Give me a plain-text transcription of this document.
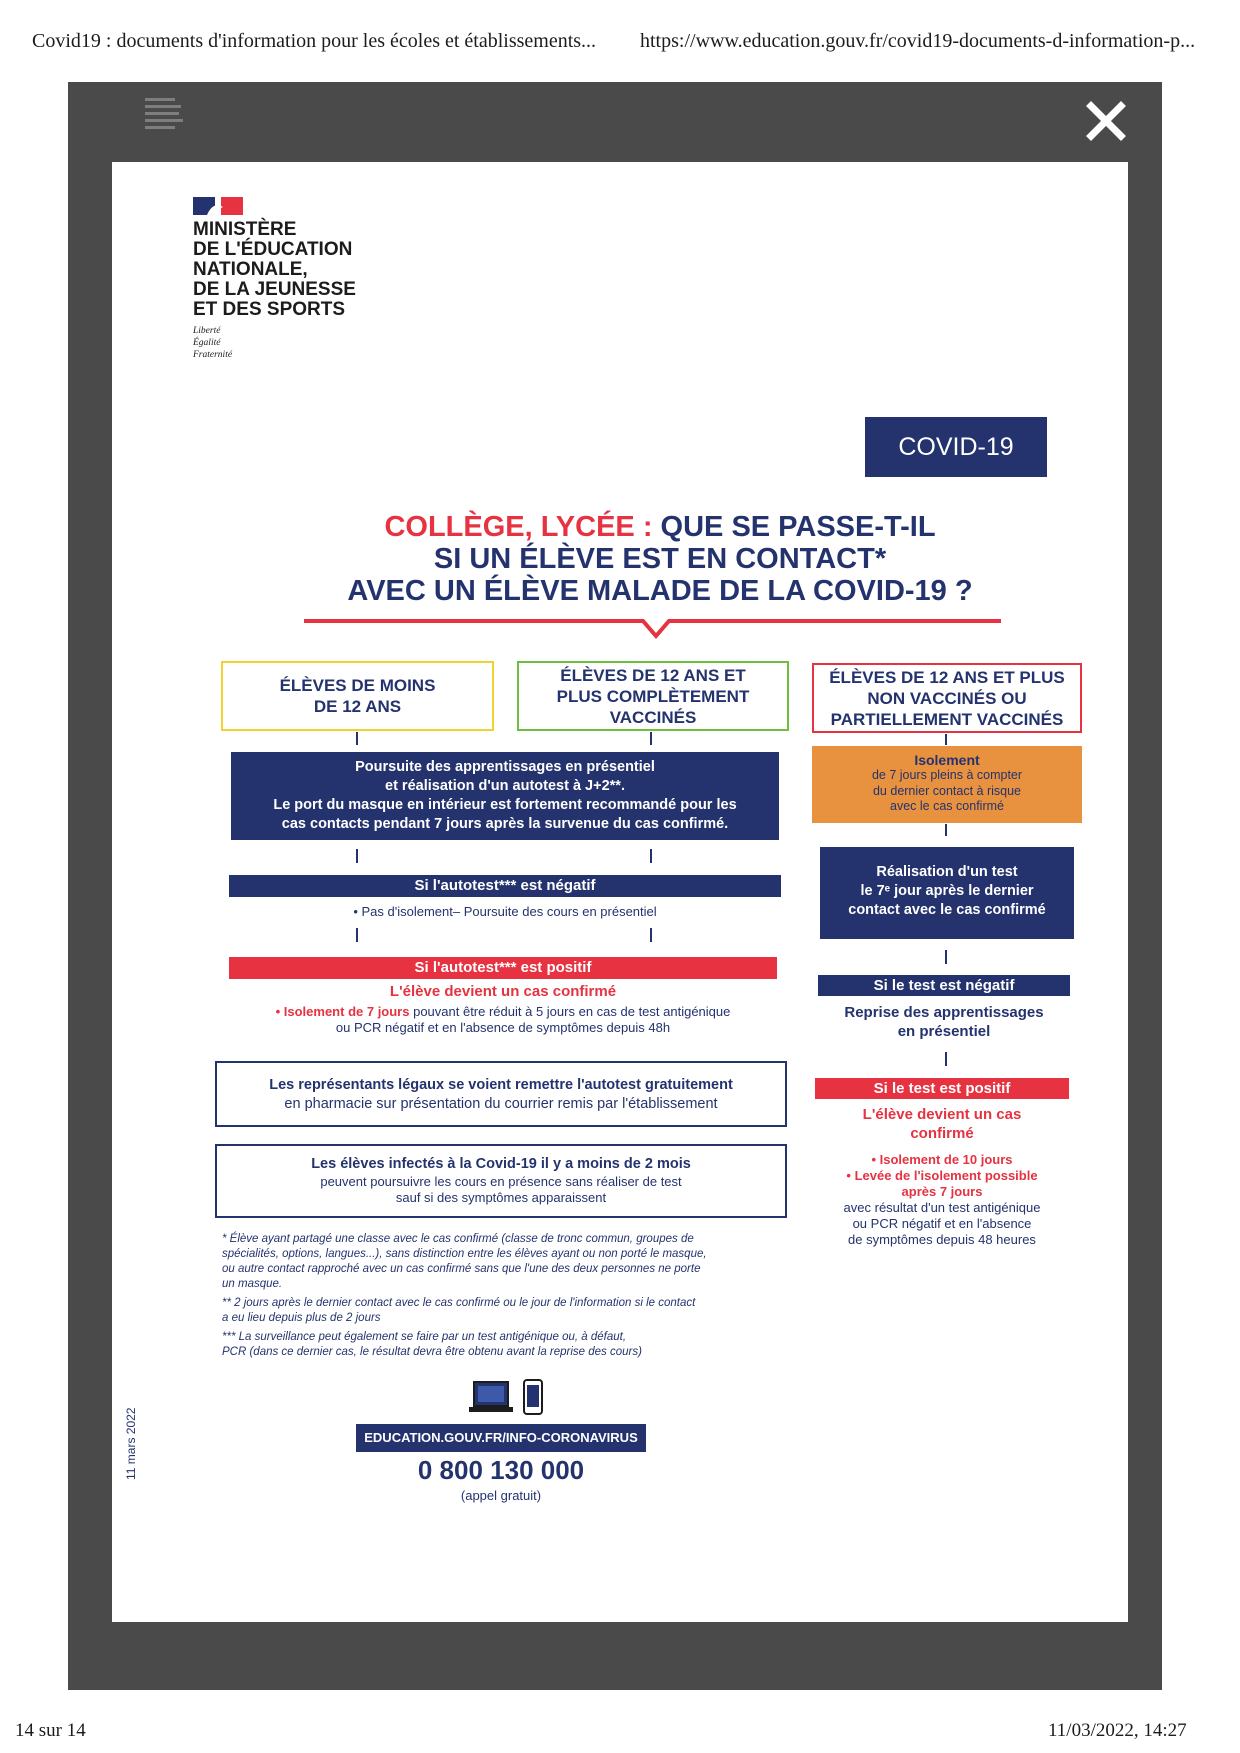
Covid19 : documents d'information pour les écoles et établissements... https://www.education.gouv.fr/covid19-documents-d-information-p...
MINISTÈRE
DE L'ÉDUCATION
NATIONALE,
DE LA JEUNESSE
ET DES SPORTS
Liberté
Égalité
Fraternité
COVID-19
COLLÈGE, LYCÉE : QUE SE PASSE-T-IL
SI UN ÉLÈVE EST EN CONTACT*
AVEC UN ÉLÈVE MALADE DE LA COVID-19 ?
ÉLÈVES DE MOINS DE 12 ANS
ÉLÈVES DE 12 ANS ET PLUS COMPLÈTEMENT VACCINÉS
ÉLÈVES DE 12 ANS ET PLUS NON VACCINÉS OU PARTIELLEMENT VACCINÉS
Poursuite des apprentissages en présentiel
et réalisation d'un autotest à J+2**.
Le port du masque en intérieur est fortement recommandé pour les
cas contacts pendant 7 jours après la survenue du cas confirmé.
Si l'autotest*** est négatif
• Pas d'isolement– Poursuite des cours en présentiel
Si l'autotest*** est positif
L'élève devient un cas confirmé
• Isolement de 7 jours pouvant être réduit à 5 jours en cas de test antigénique
ou PCR négatif et en l'absence de symptômes depuis 48h
Les représentants légaux se voient remettre l'autotest gratuitement
en pharmacie sur présentation du courrier remis par l'établissement
Les élèves infectés à la Covid-19 il y a moins de 2 mois
peuvent poursuivre les cours en présence sans réaliser de test
sauf si des symptômes apparaissent
Isolement
de 7 jours pleins à compter
du dernier contact à risque
avec le cas confirmé
Réalisation d'un test
le 7ᵉ jour après le dernier
contact avec le cas confirmé
Si le test est négatif
Reprise des apprentissages
en présentiel
Si le test est positif
L'élève devient un cas
confirmé
• Isolement de 10 jours
• Levée de l'isolement possible
après 7 jours
avec résultat d'un test antigénique
ou PCR négatif et en l'absence
de symptômes depuis 48 heures
* Élève ayant partagé une classe avec le cas confirmé (classe de tronc commun, groupes de
spécialités, options, langues...), sans distinction entre les élèves ayant ou non porté le masque,
ou autre contact rapproché avec un cas confirmé sans que l'une des deux personnes ne porte
un masque.
** 2 jours après le dernier contact avec le cas confirmé ou le jour de l'information si le contact
a eu lieu depuis plus de 2 jours
*** La surveillance peut également se faire par un test antigénique ou, à défaut,
PCR (dans ce dernier cas, le résultat devra être obtenu avant la reprise des cours)
EDUCATION.GOUV.FR/INFO-CORONAVIRUS
0 800 130 000
(appel gratuit)
11 mars 2022
14 sur 14	11/03/2022, 14:27
